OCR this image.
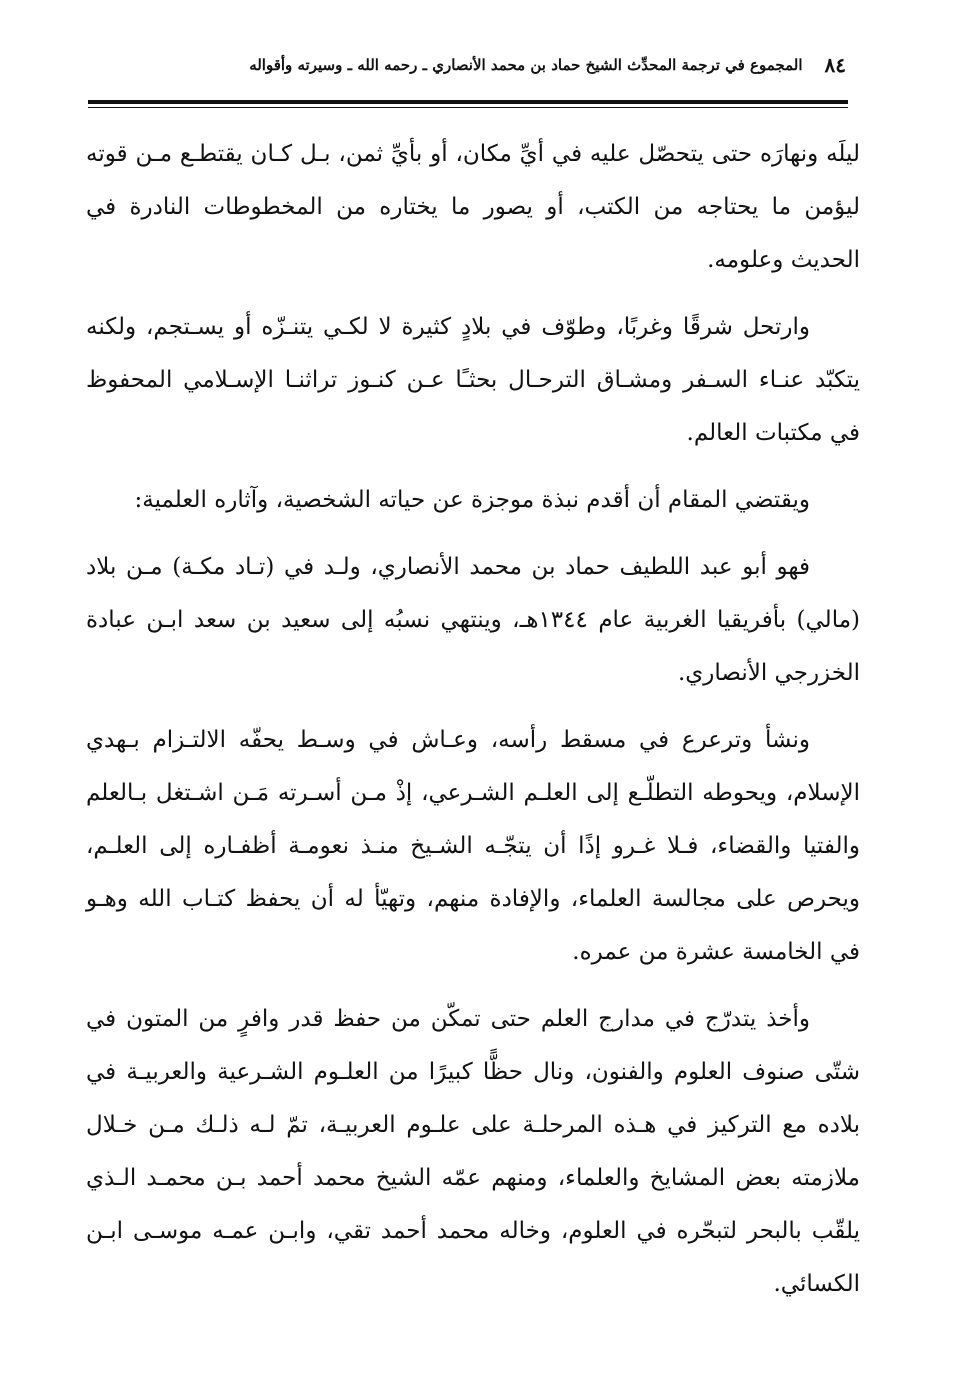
٨٤
المجموع في ترجمة المحدِّث الشيخ حماد بن محمد الأنصاري ـ رحمه الله ـ وسيرته وأقواله

ليلَه ونهارَه حتى يتحصّل عليه في أيِّ مكان، أو بأيِّ ثمن، بـل كـان يقتطـع مـن قوته ليؤمن ما يحتاجه من الكتب، أو يصور ما يختاره من المخطوطات النادرة في الحديث وعلومه.

وارتحل شرقًا وغربًا، وطوّف في بلادٍ كثيرة لا لكـي يتنـزّه أو يسـتجم، ولكنه يتكبّد عنـاء السـفر ومشـاق الترحـال بحثـًا عـن كنـوز تراثنـا الإسـلامي المحفوظ في مكتبات العالم.

ويقتضي المقام أن أقدم نبذة موجزة عن حياته الشخصية، وآثاره العلمية:

فهو أبو عبد اللطيف حماد بن محمد الأنصاري، ولـد في (تـاد مكـة) مـن بلاد (مالي) بأفريقيا الغربية عام ١٣٤٤هـ، وينتهي نسبُه إلى سعيد بن سعد ابـن عبادة الخزرجي الأنصاري.

ونشأ وترعرع في مسقط رأسه، وعـاش في وسـط يحفّه الالتـزام بـهدي الإسلام، ويحوطه التطلّـع إلى العلـم الشـرعي، إذْ مـن أسـرته مَـن اشـتغل بـالعلم والفتيا والقضاء، فـلا غـرو إذًا أن يتجّـه الشـيخ منـذ نعومـة أظفـاره إلى العلـم، ويحرص على مجالسة العلماء، والإفادة منهم، وتهيّأ له أن يحفظ كتـاب الله وهـو في الخامسة عشرة من عمره.

وأخذ يتدرّج في مدارج العلم حتى تمكّن من حفظ قدر وافرٍ من المتون في شتّى صنوف العلوم والفنون، ونال حظًّا كبيرًا من العلـوم الشـرعية والعربيـة في بلاده مع التركيز في هـذه المرحلـة على علـوم العربيـة، تمّ لـه ذلـك مـن خـلال ملازمته بعض المشايخ والعلماء، ومنهم عمّه الشيخ محمد أحمد بـن محمـد الـذي يلقّب بالبحر لتبحّره في العلوم، وخاله محمد أحمد تقي، وابـن عمـه موسـى ابـن الكسائي.
